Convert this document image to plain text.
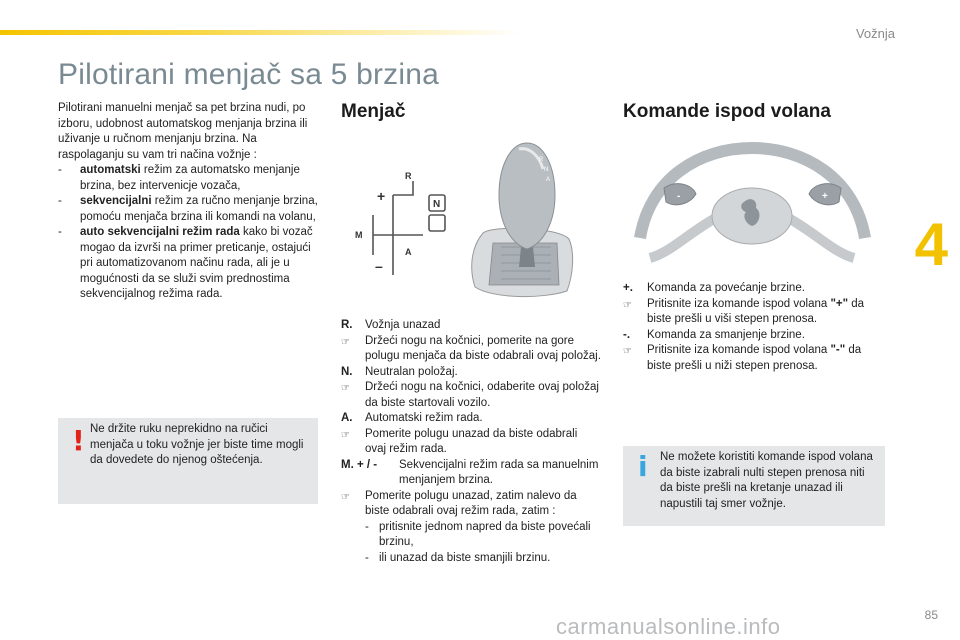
Vožnja
Pilotirani menjač sa 5 brzina
4

Pilotirani manuelni menjač sa pet brzina nudi, po izboru, udobnost automatskog menjanja brzina ili uživanje u ručnom menjanju brzina. Na raspolaganju su vam tri načina vožnje :

- automatski režim za automatsko menjanje brzina, bez intervenicje vozača,
- sekvencijalni režim za ručno menjanje brzina, pomoću menjača brzina ili komandi na volanu,
- auto sekvencijalni režim rada kako bi vozač mogao da izvrši na primer preticanje, ostajući pri automatizovanom načinu rada, ali je u mogućnosti da se služi svim prednostima sekvencijalnog režima rada.
! Ne držite ruku neprekidno na ručici menjača u toku vožnje jer biste time mogli da dovedete do njenog oštećenja.
Menjač
+
R
M
N
A
–
R
N
A
R.	Vožnja unazad
☞	Držeći nogu na kočnici, pomerite na gore polugu menjača da biste odabrali ovaj položaj.
N.	Neutralan položaj.
☞	Držeći nogu na kočnici, odaberite ovaj položaj da biste startovali vozilo.
A.	Automatski režim rada.
☞	Pomerite polugu unazad da biste odabrali ovaj režim rada.
M. + / -	Sekvencijalni režim rada sa manuelnim menjanjem brzina.
☞	Pomerite polugu unazad, zatim nalevo da biste odabrali ovaj režim rada, zatim :
- pritisnite jednom napred da biste povećali brzinu,
- ili unazad da biste smanjili brzinu.
Komande ispod volana
-	+
+.	Komanda za povećanje brzine.
☞	Pritisnite iza komande ispod volana "+" da biste prešli u viši stepen prenosa.
-.	Komanda za smanjenje brzine.
☞	Pritisnite iza komande ispod volana "-" da biste prešli u niži stepen prenosa.
i Ne možete koristiti komande ispod volana da biste izabrali nulti stepen prenosa niti da biste prešli na kretanje unazad ili napustili taj smer vožnje.
85
carmanualsonline.info
